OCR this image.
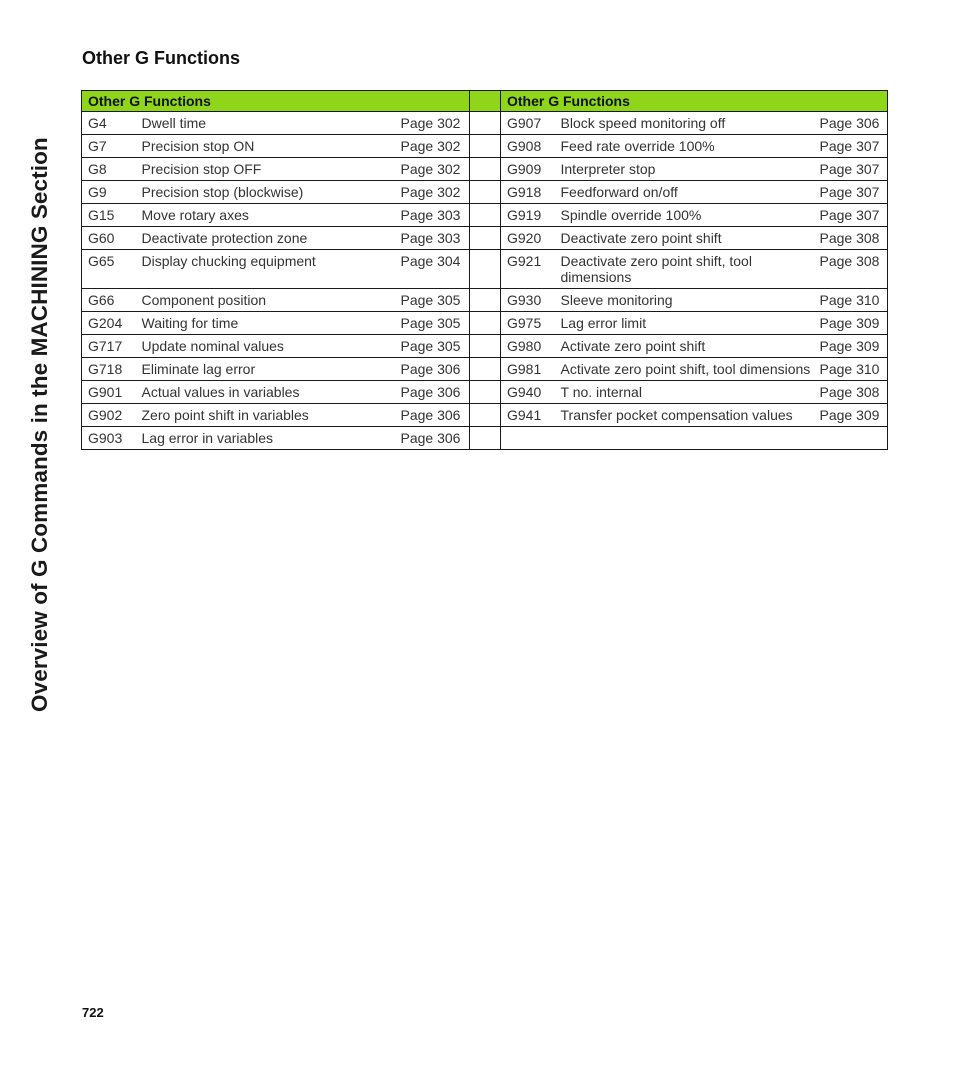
Overview of G Commands in the MACHINING Section
Other G Functions
Other G Functions				Other G Functions		
G4	Dwell time	Page 302		G907	Block speed monitoring off	Page 306
G7	Precision stop ON	Page 302		G908	Feed rate override 100%	Page 307
G8	Precision stop OFF	Page 302		G909	Interpreter stop	Page 307
G9	Precision stop (blockwise)	Page 302		G918	Feedforward on/off	Page 307
G15	Move rotary axes	Page 303		G919	Spindle override 100%	Page 307
G60	Deactivate protection zone	Page 303		G920	Deactivate zero point shift	Page 308
G65	Display chucking equipment	Page 304		G921	Deactivate zero point shift, tool dimensions	Page 308
G66	Component position	Page 305		G930	Sleeve monitoring	Page 310
G204	Waiting for time	Page 305		G975	Lag error limit	Page 309
G717	Update nominal values	Page 305		G980	Activate zero point shift	Page 309
G718	Eliminate lag error	Page 306		G981	Activate zero point shift, tool dimensions	Page 310
G901	Actual values in variables	Page 306		G940	T no. internal	Page 308
G902	Zero point shift in variables	Page 306		G941	Transfer pocket compensation values	Page 309
G903	Lag error in variables	Page 306				
722
